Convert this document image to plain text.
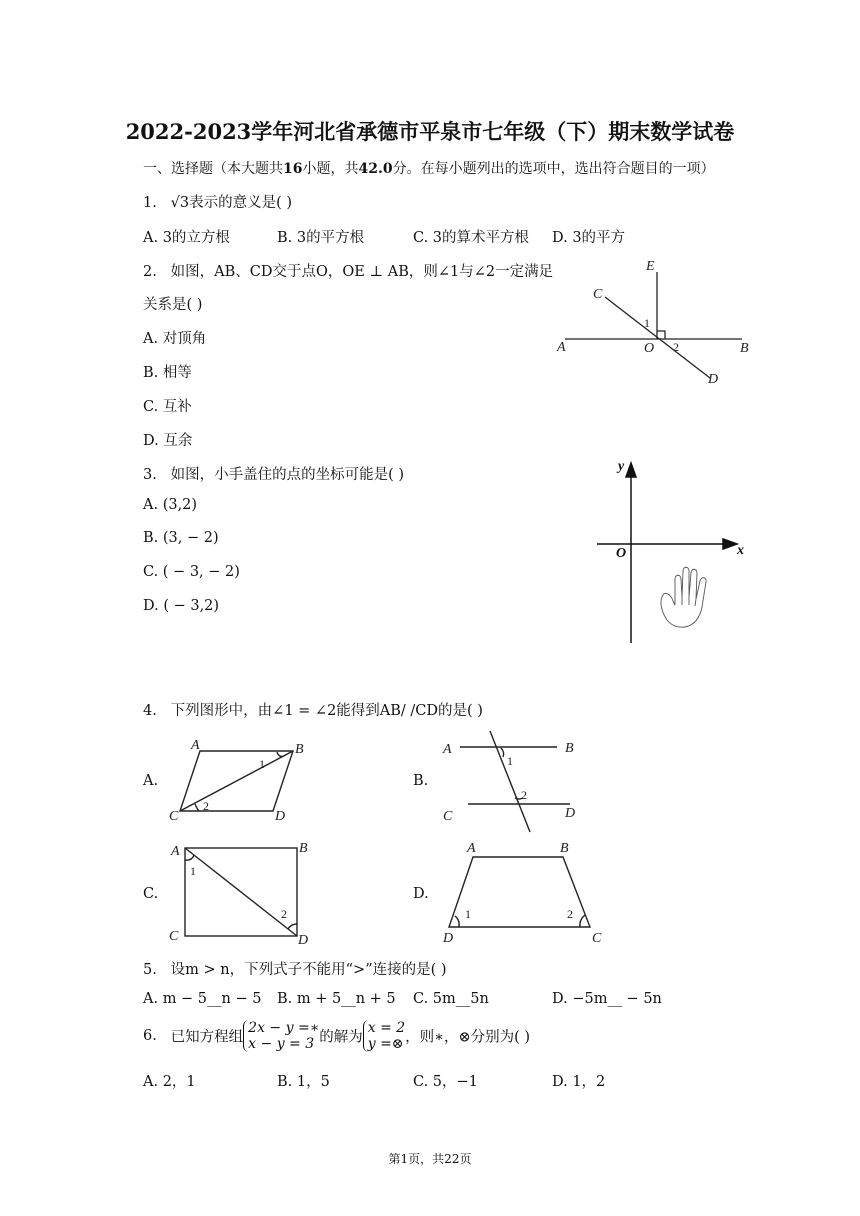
2022-2023学年河北省承德市平泉市七年级（下）期末数学试卷
一、选择题（本大题共16小题，共42.0分。在每小题列出的选项中，选出符合题目的一项）
1. √3表示的意义是( )
A. 3的立方根	B. 3的平方根	C. 3的算术平方根 D. 3的平方
2. 如图，AB、CD交于点O，OE ⊥ AB，则∠1与∠2一定满足
关系是( )
A. 对顶角
B. 相等
C. 互补
D. 互余
E
C
A	O	B
D
1
2
3. 如图，小手盖住的点的坐标可能是( )
A. (3,2)
B. (3, − 2)
C. ( − 3, − 2)
D. ( − 3,2)
y
x
O
4. 下列图形中，由∠1 = ∠2能得到AB/ /CD的是( )
A.
A	B
C	D
1
2
B.
A	B
C	D
1
2
C.
A	B
C	D
1
2
D.
A	B
D	C
1	2
5. 设m > n，下列式子不能用“>”连接的是( )
A. m − 5__n − 5 B. m + 5__n + 5 C. 5m__5n	D. −5m__ − 5n
6. 已知方程组2x − y =∗
x − y = 3 的解为x = 2
y =⊗ ，则∗，⊗分别为( )
A. 2，1	B. 1，5	C. 5，−1	D. 1，2
第1页，共22页
